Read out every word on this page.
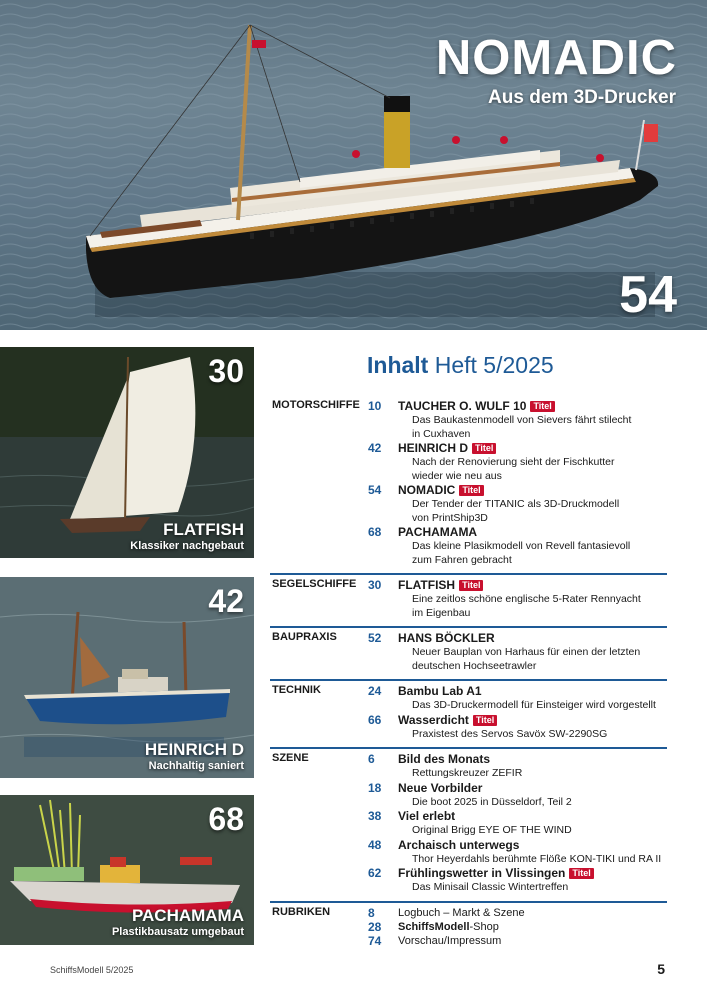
NOMADIC
Aus dem 3D-Drucker
54
30
FLATFISH
Klassiker nachgebaut
42
HEINRICH D
Nachhaltig saniert
68
PACHAMAMA
Plastikbausatz umgebaut
Inhalt Heft 5/2025
MOTORSCHIFFE 10	TAUCHER O. WULF 10 Titel
Das Baukastenmodell von Sievers fährt stilecht
in Cuxhaven
42	HEINRICH D Titel
Nach der Renovierung sieht der Fischkutter
wieder wie neu aus
54	NOMADIC Titel
Der Tender der TITANIC als 3D-Druckmodell
von PrintShip3D
68	PACHAMAMA
Das kleine Plasikmodell von Revell fantasievoll
zum Fahren gebracht
SEGELSCHIFFE 30	FLATFISH Titel
Eine zeitlos schöne englische 5-Rater Rennyacht
im Eigenbau
BAUPRAXIS	52	HANS BÖCKLER
Neuer Bauplan von Harhaus für einen der letzten
deutschen Hochseetrawler
TECHNIK	24	Bambu Lab A1
Das 3D-Druckermodell für Einsteiger wird vorgestellt
66	Wasserdicht Titel
Praxistest des Servos Savöx SW-2290SG
SZENE	6	Bild des Monats
Rettungskreuzer ZEFIR
18	Neue Vorbilder
Die boot 2025 in Düsseldorf, Teil 2
38	Viel erlebt
Original Brigg EYE OF THE WIND
48	Archaisch unterwegs
Thor Heyerdahls berühmte Flöße KON-TIKI und RA II
62	Frühlingswetter in Vlissingen Titel
Das Minisail Classic Wintertreffen
RUBRIKEN	8	Logbuch – Markt & Szene
28	SchiffsModell-Shop
74	Vorschau/Impressum
SchiffsModell 5/2025	5
